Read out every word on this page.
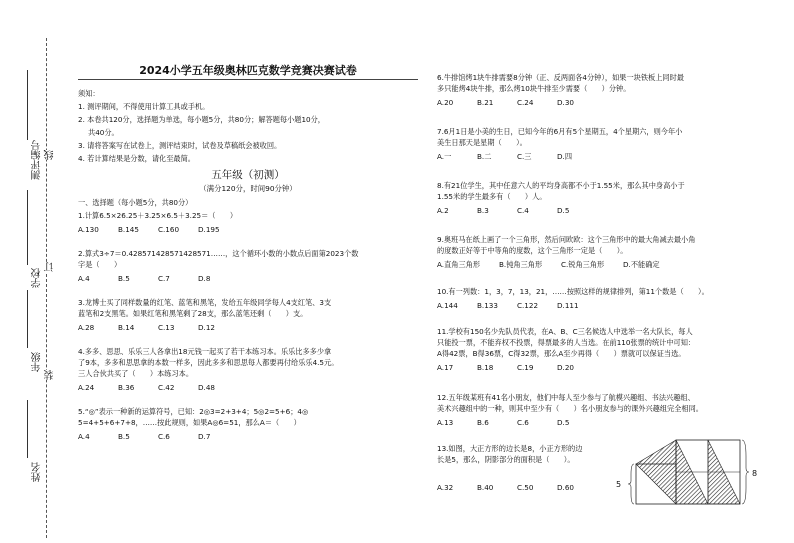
测评编号 线
学校
订
年级
装
姓名
2024小学五年级奥林匹克数学竞赛决赛试卷
须知：
1. 测评期间，不得使用计算工具或手机。
2. 本卷共120分，选择题为单选，每小题5分，共80分；解答题每小题10分，
共40分。
3. 请将答案写在试卷上，测评结束时，试卷及草稿纸会被收回。
4. 若计算结果是分数，请化至最简。
五年级（初测）
（满分120分，时间90分钟）
一、选择题（每小题5分，共80分）
1.计算6.5×26.25＋3.25×6.5＋3.25＝（　　）
A.130	B.145	C.160	D.195
2.算式3÷7＝0.428571428571428571……，这个循环小数的小数点后面第2023个数
字是（　　）
A.4	B.5	C.7	D.8
3.龙博士买了同样数量的红笔、蓝笔和黑笔，发给五年级同学每人4支红笔、3支
蓝笔和2支黑笔。如果红笔和黑笔剩了28支，那么蓝笔还剩（　　）支。
A.28	B.14	C.13	D.12
4.多多、思思、乐乐三人各拿出18元钱一起买了若干本练习本。乐乐比多多少拿
了9本，多多和思思拿的本数一样多，因此多多和思思每人都要再付给乐乐4.5元。
三人合伙共买了（　　）本练习本。
A.24	B.36	C.42	D.48
5.“◎”表示一种新的运算符号，已知：2◎3=2+3+4；5◎2=5+6；4◎
5=4+5+6+7+8，……按此规则，如果A◎6=51，那么A＝（　　）
A.4	B.5	C.6	D.7
6.牛排馆烤1块牛排需要8分钟（正、反两面各4分钟），如果一块铁板上同时最
多只能烤4块牛排，那么烤10块牛排至少需要（　　）分钟。
A.20	B.21	C.24	D.30
7.6月1日是小美的生日，已知今年的6月有5个星期五，4个星期六，则今年小
美生日那天是星期（　　）。
A.一	B.二	C.三	D.四
8.有21位学生，其中任意六人的平均身高都不小于1.55米，那么其中身高小于
1.55米的学生最多有（　　）人。
A.2	B.3	C.4	D.5
9.奥班马在纸上画了一个三角形，然后问欧欧：这个三角形中的最大角减去最小角
的度数正好等于中等角的度数，这个三角形一定是（　　）。
A.直角三角形	B.钝角三角形	C.锐角三角形	D.不能确定
10.有一列数：1，3，7，13，21，……按照这样的规律排列，第11个数是（　　）。
A.144	B.133	C.122	D.111
11.学校有150名少先队员代表，在A、B、C三名候选人中选举一名大队长，每人
只能投一票，不能弃权不投票，得票最多的人当选。在前110张票的统计中可知：
A得42票，B得36票，C得32票，那么A至少再得（　　）票就可以保证当选。
A.17	B.18	C.19	D.20
12.五年级某班有41名小朋友，他们中每人至少参与了航模兴趣组、书法兴趣组、
美术兴趣组中的一种，则其中至少有（　　）名小朋友参与的课外兴趣组完全相同。
A.13	B.6	C.6	D.5
13.如图，大正方形的边长是8，小正方形的边
长是5，那么，阴影部分的面积是（　　）。
A.32	B.40	C.50	D.60
8
5
